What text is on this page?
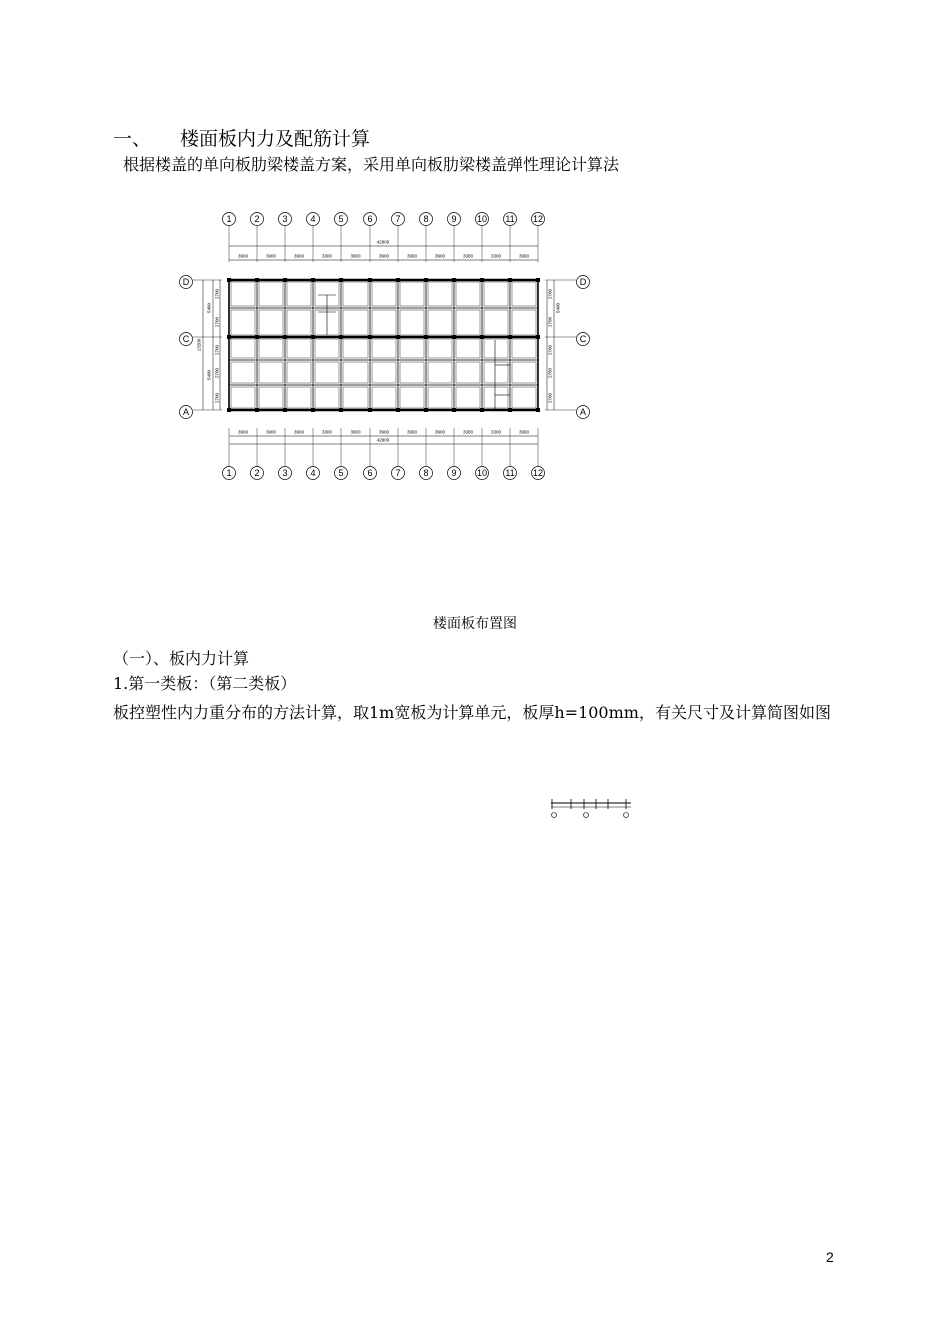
一、 楼面板内力及配筋计算
根据楼盖的单向板肋梁楼盖方案，采用单向板肋梁楼盖弹性理论计算法
1
1
2
2
3
3
4
4
5
5
6
6
7
7
8
8
9
9
10
10
11
11
12
12
42900
42900
3900
3900
3900
3900
3900
3900
3300
3300
3900
3900
3900
3900
3900
3900
3900
3900
3300
3300
3300
3300
3900
3900
D	D
C	C
A	A
13200
5400
5400
2700
2700
2700
2700
2700
2700
2700
2700
2700
2700
5400
楼面板布置图
（一）、板内力计算
1.第一类板：（第二类板）
板控塑性内力重分布的方法计算，取1m宽板为计算单元，板厚h=100mm，有关尺寸及计算简图如图
2
